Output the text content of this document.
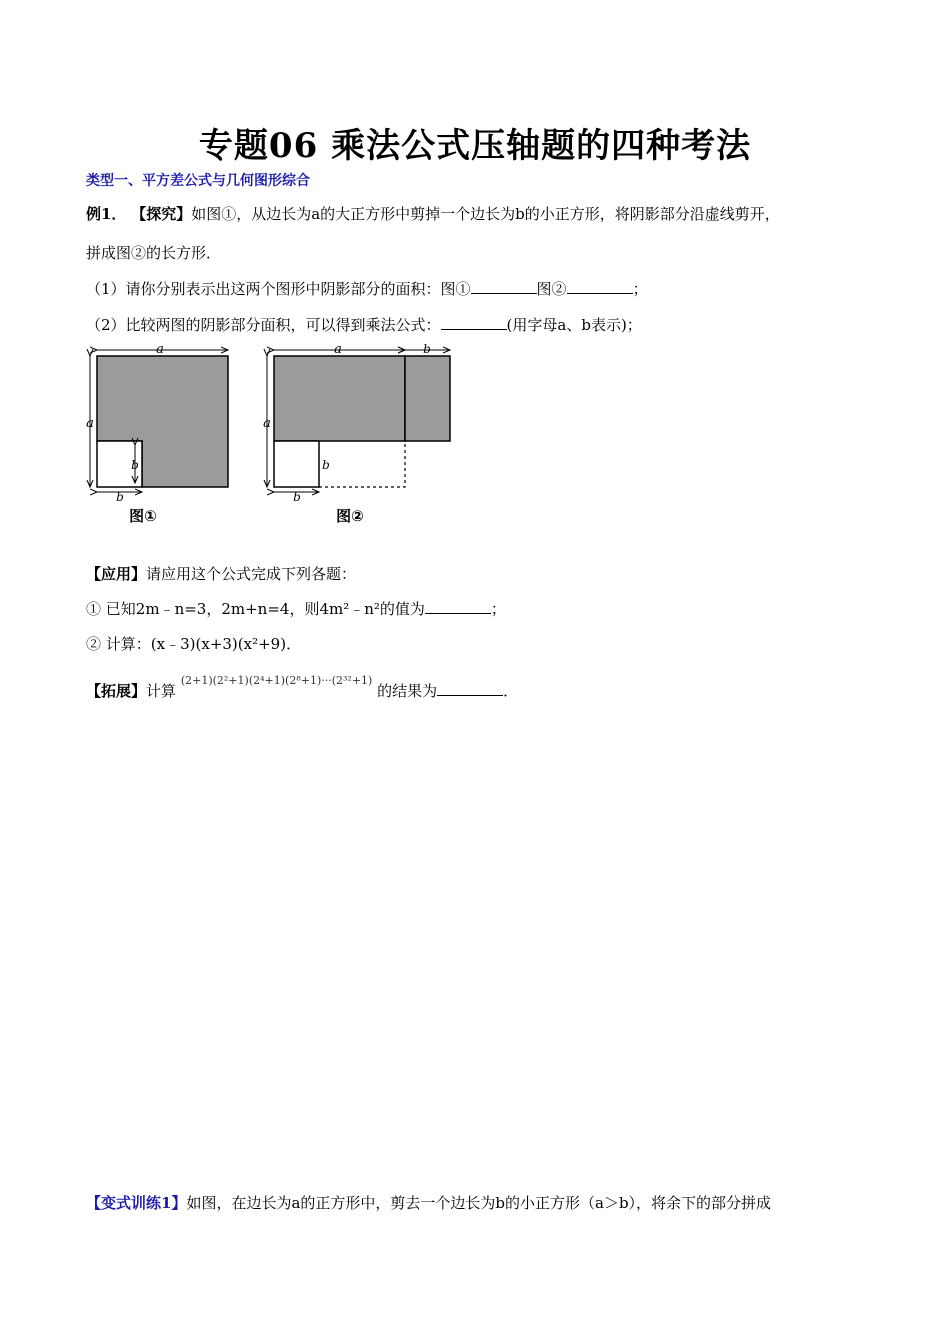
专题06 乘法公式压轴题的四种考法
类型一、平方差公式与几何图形综合
例1． 【探究】如图①，从边长为a的大正方形中剪掉一个边长为b的小正方形，将阴影部分沿虚线剪开，
拼成图②的长方形．
（1）请你分别表示出这两个图形中阴影部分的面积：图①	图②	；
（2）比较两图的阴影部分面积，可以得到乘法公式：	(用字母a、b表示)；
a
a
b
b
a	b
a
b
b
图①	图②
【应用】请应用这个公式完成下列各题：
① 已知2m﹣n=3，2m+n=4，则4m²﹣n²的值为	；
② 计算：(x﹣3)(x+3)(x²+9)．
【拓展】计算 $^{(2+1)(2^2+1)(2^4+1)(2^8+1)\cdot\cdot\cdot(2^{32}+1)}$ 的结果为	．
【变式训练1】如图，在边长为a的正方形中，剪去一个边长为b的小正方形（a＞b），将余下的部分拼成
